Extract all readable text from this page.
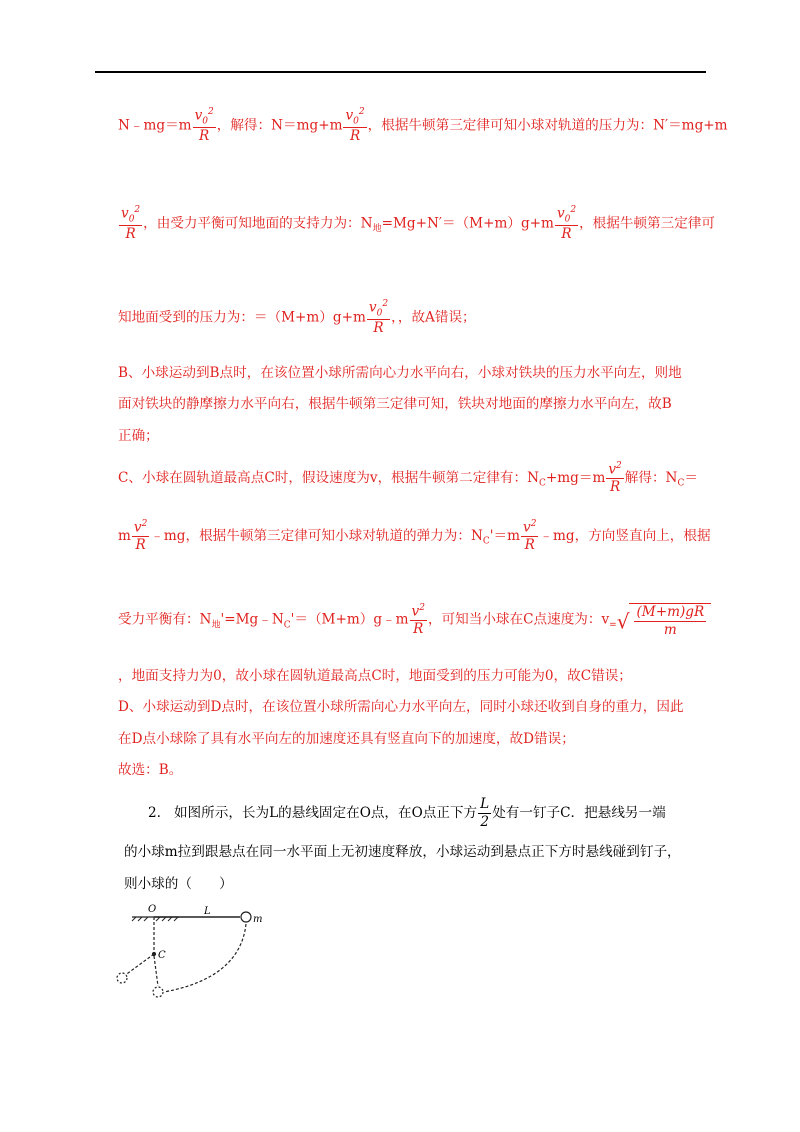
N﹣mg＝m $\frac{v_0^2}{R}$ ，解得：$N=mg+m \frac{v_0^2}{R}$ ，根据牛顿第三定律可知小球对轨道的压力为：N′＝mg+m
$\frac{v_0^2}{R}$ ，由受力平衡可知地面的支持力为：$N_地=Mg+N'=(M+m)g+m \frac{v_0^2}{R}$ ，根据牛顿第三定律可
知地面受到的压力为：$=(M+m)g+m \frac{v_0^2}{R}$ ，，故A错误；
B、小球运动到B点时，在该位置小球所需向心力水平向右，小球对铁块的压力水平向左，则地
面对铁块的静摩擦力水平向右，根据牛顿第三定律可知，铁块对地面的摩擦力水平向左，故B
正确；
C、小球在圆轨道最高点C时，假设速度为v，根据牛顿第二定律有：$N_C+mg=m \frac{v^2}{R}$ 解得：$N_C=$
m $\frac{v^2}{R}$ ﹣mg，根据牛顿第三定律可知小球对轨道的弹力为：$N_C'=m \frac{v^2}{R}$ ﹣mg，方向竖直向上，根据
受力平衡有：$N_地'=Mg﹣N_C'=(M+m)g﹣m \frac{v^2}{R}$ ，可知当小球在C点速度为：$v_=√ \frac{(M+m)gR}{m}$
，地面支持力为0，故小球在圆轨道最高点C时，地面受到的压力可能为0，故C错误；
D、小球运动到D点时，在该位置小球所需向心力水平向左，同时小球还收到自身的重力，因此
在D点小球除了具有水平向左的加速度还具有竖直向下的加速度，故D错误；
故选：B。
2. 如图所示，长为L的悬线固定在O点，在O点正下方 $\frac{L}{2}$ 处有一钉子C．把悬线另一端
的小球m拉到跟悬点在同一水平面上无初速度释放，小球运动到悬点正下方时悬线碰到钉子，
则小球的（　　）
O	L
m
C
